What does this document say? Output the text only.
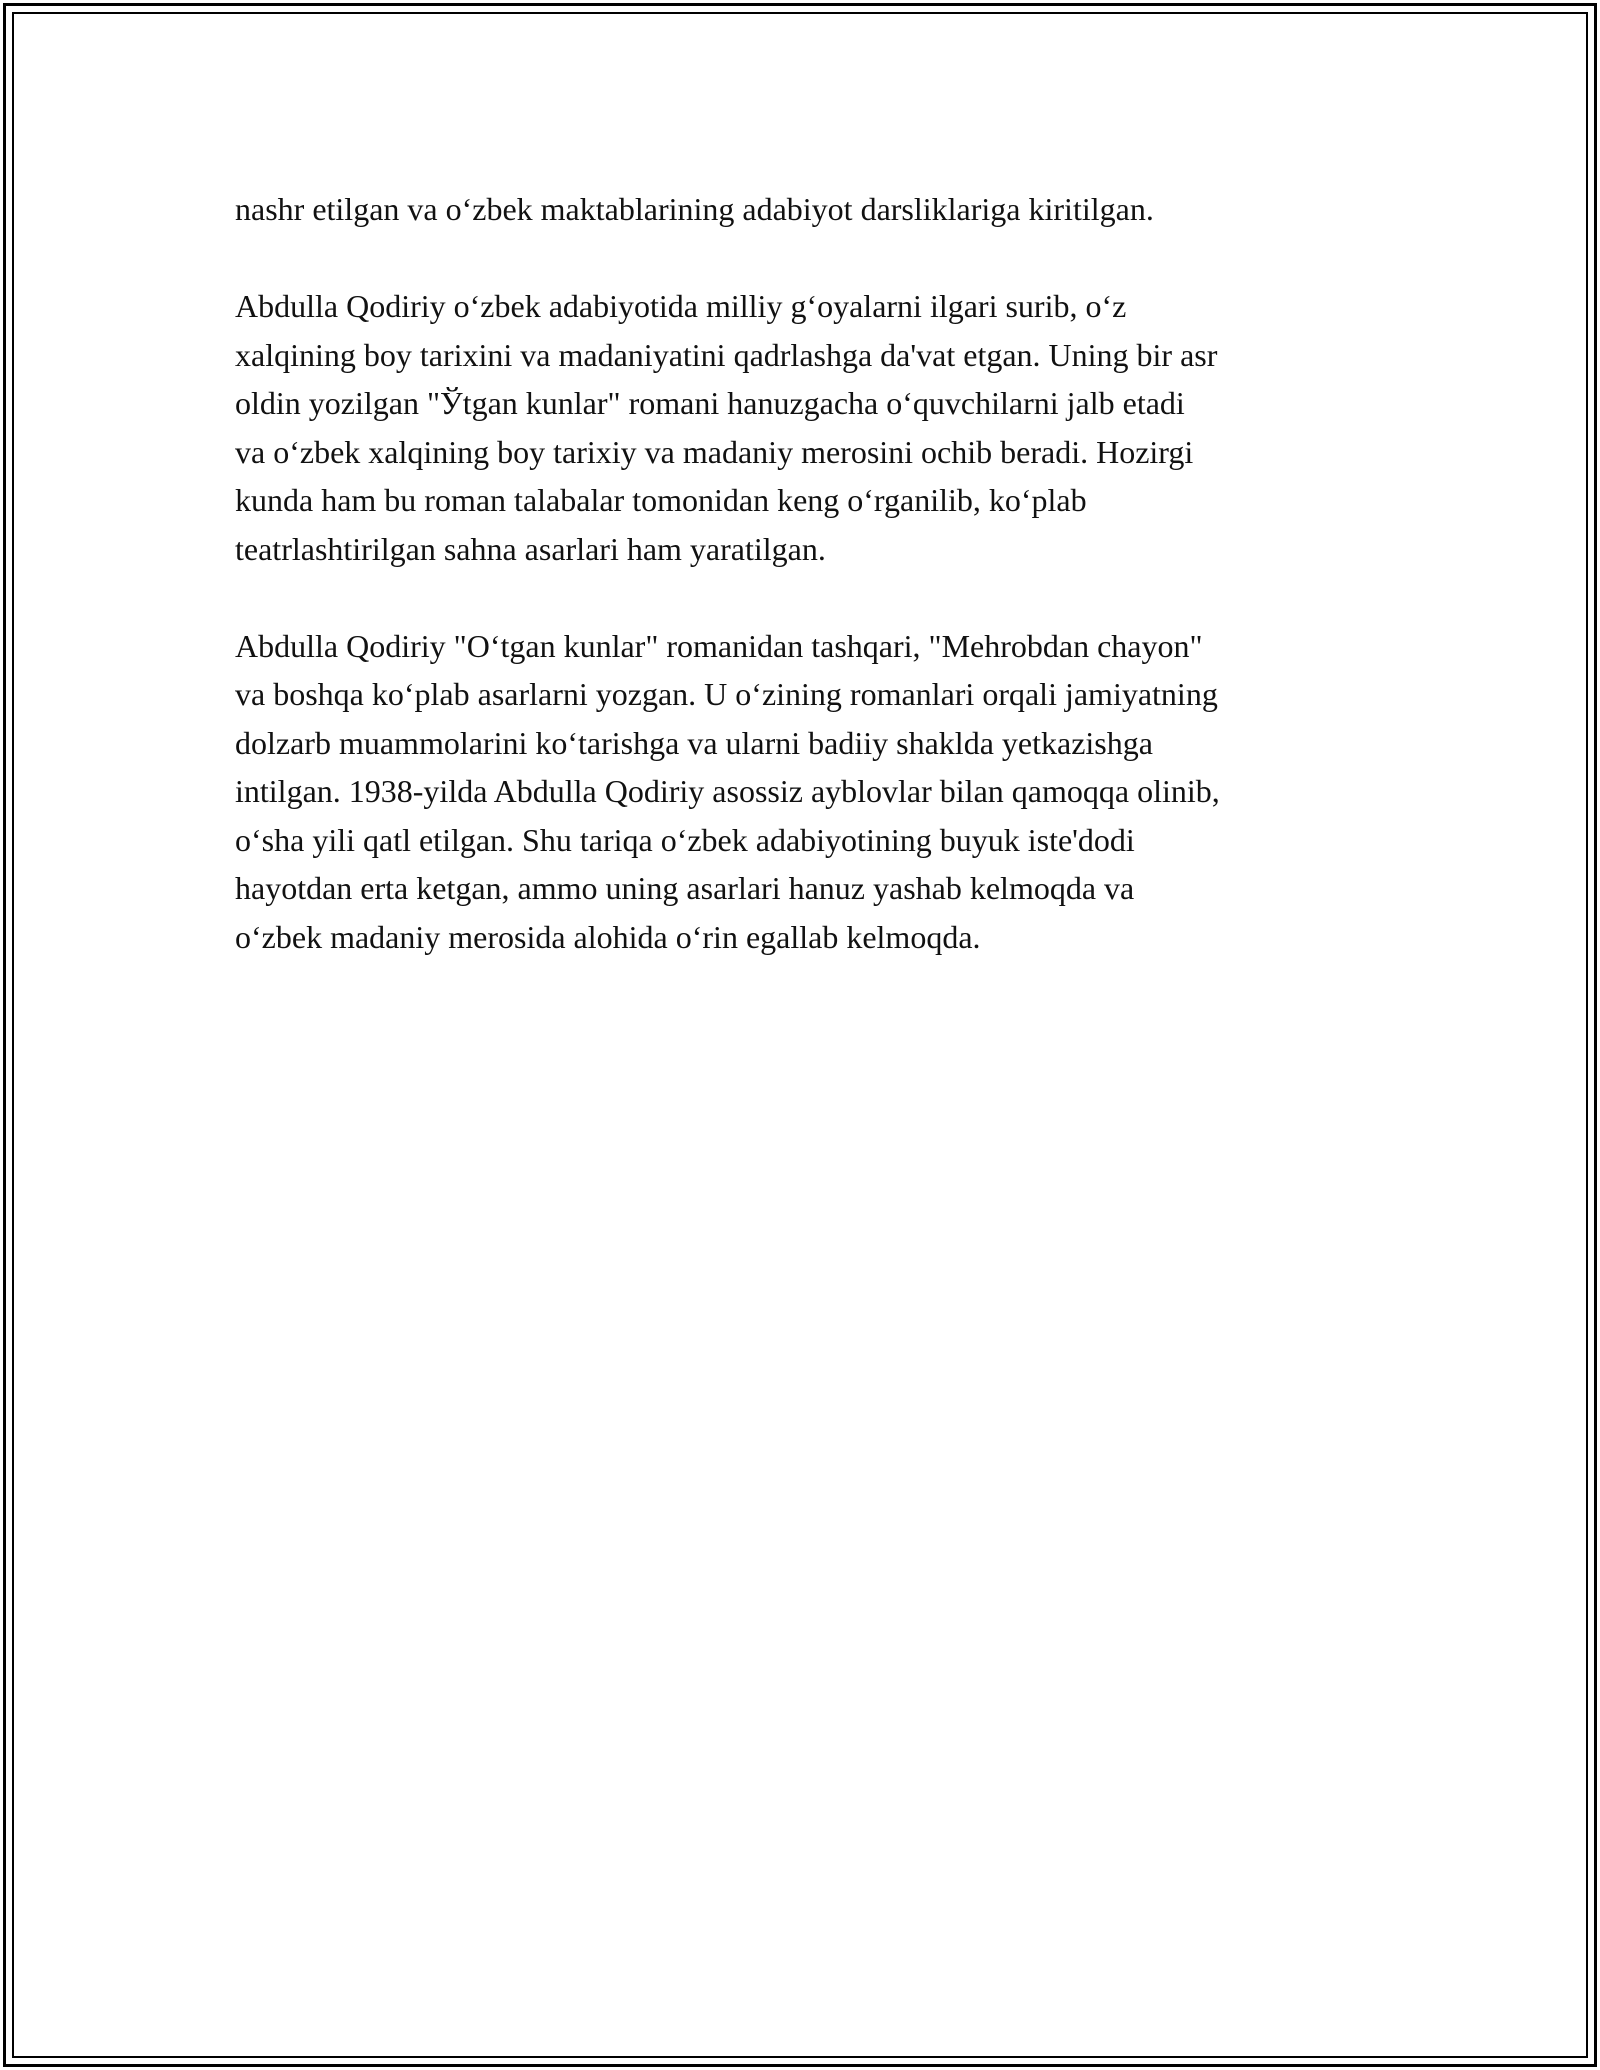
nashr etilgan va o‘zbek maktablarining adabiyot darsliklariga kiritilgan.

Abdulla Qodiriy o‘zbek adabiyotida milliy g‘oyalarni ilgari surib, o‘z
xalqining boy tarixini va madaniyatini qadrlashga da'vat etgan. Uning bir asr
oldin yozilgan "Ўtgan kunlar" romani hanuzgacha o‘quvchilarni jalb etadi
va o‘zbek xalqining boy tarixiy va madaniy merosini ochib beradi. Hozirgi
kunda ham bu roman talabalar tomonidan keng o‘rganilib, ko‘plab
teatrlashtirilgan sahna asarlari ham yaratilgan.

Abdulla Qodiriy "O‘tgan kunlar" romanidan tashqari, "Mehrobdan chayon"
va boshqa ko‘plab asarlarni yozgan. U o‘zining romanlari orqali jamiyatning
dolzarb muammolarini ko‘tarishga va ularni badiiy shaklda yetkazishga
intilgan. 1938-yilda Abdulla Qodiriy asossiz ayblovlar bilan qamoqqa olinib,
o‘sha yili qatl etilgan. Shu tariqa o‘zbek adabiyotining buyuk iste'dodi
hayotdan erta ketgan, ammo uning asarlari hanuz yashab kelmoqda va
o‘zbek madaniy merosida alohida o‘rin egallab kelmoqda.
